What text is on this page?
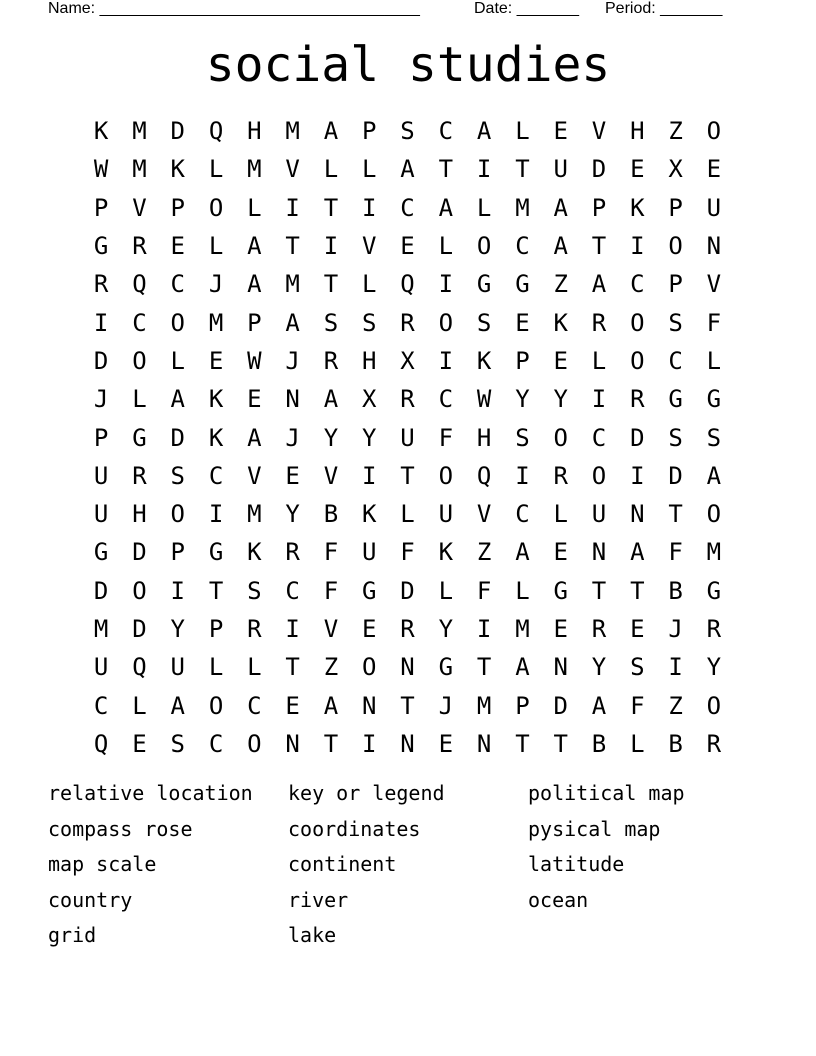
Name: ____________________________________	Date: _______ Period: _______
social studies
K M D Q H M A P S C A L E V H Z O
W M K L M V L L A T I T U D E X E
P V P O L I T I C A L M A P K P U
G R E L A T I V E L O C A T I O N
R Q C J A M T L Q I G G Z A C P V
I C O M P A S S R O S E K R O S F
D O L E W J R H X I K P E L O C L
J L A K E N A X R C W Y Y I R G G
P G D K A J Y Y U F H S O C D S S
U R S C V E V I T O Q I R O I D A
U H O I M Y B K L U V C L U N T O
G D P G K R F U F K Z A E N A F M
D O I T S C F G D L F L G T T B G
M D Y P R I V E R Y I M E R E J R
U Q U L L T Z O N G T A N Y S I Y
C L A O C E A N T J M P D A F Z O
Q E S C O N T I N E N T T B L B R
relative location	key or legend	political map
compass rose	coordinates	pysical map
map scale	continent	latitude
country	river	ocean
grid	lake
